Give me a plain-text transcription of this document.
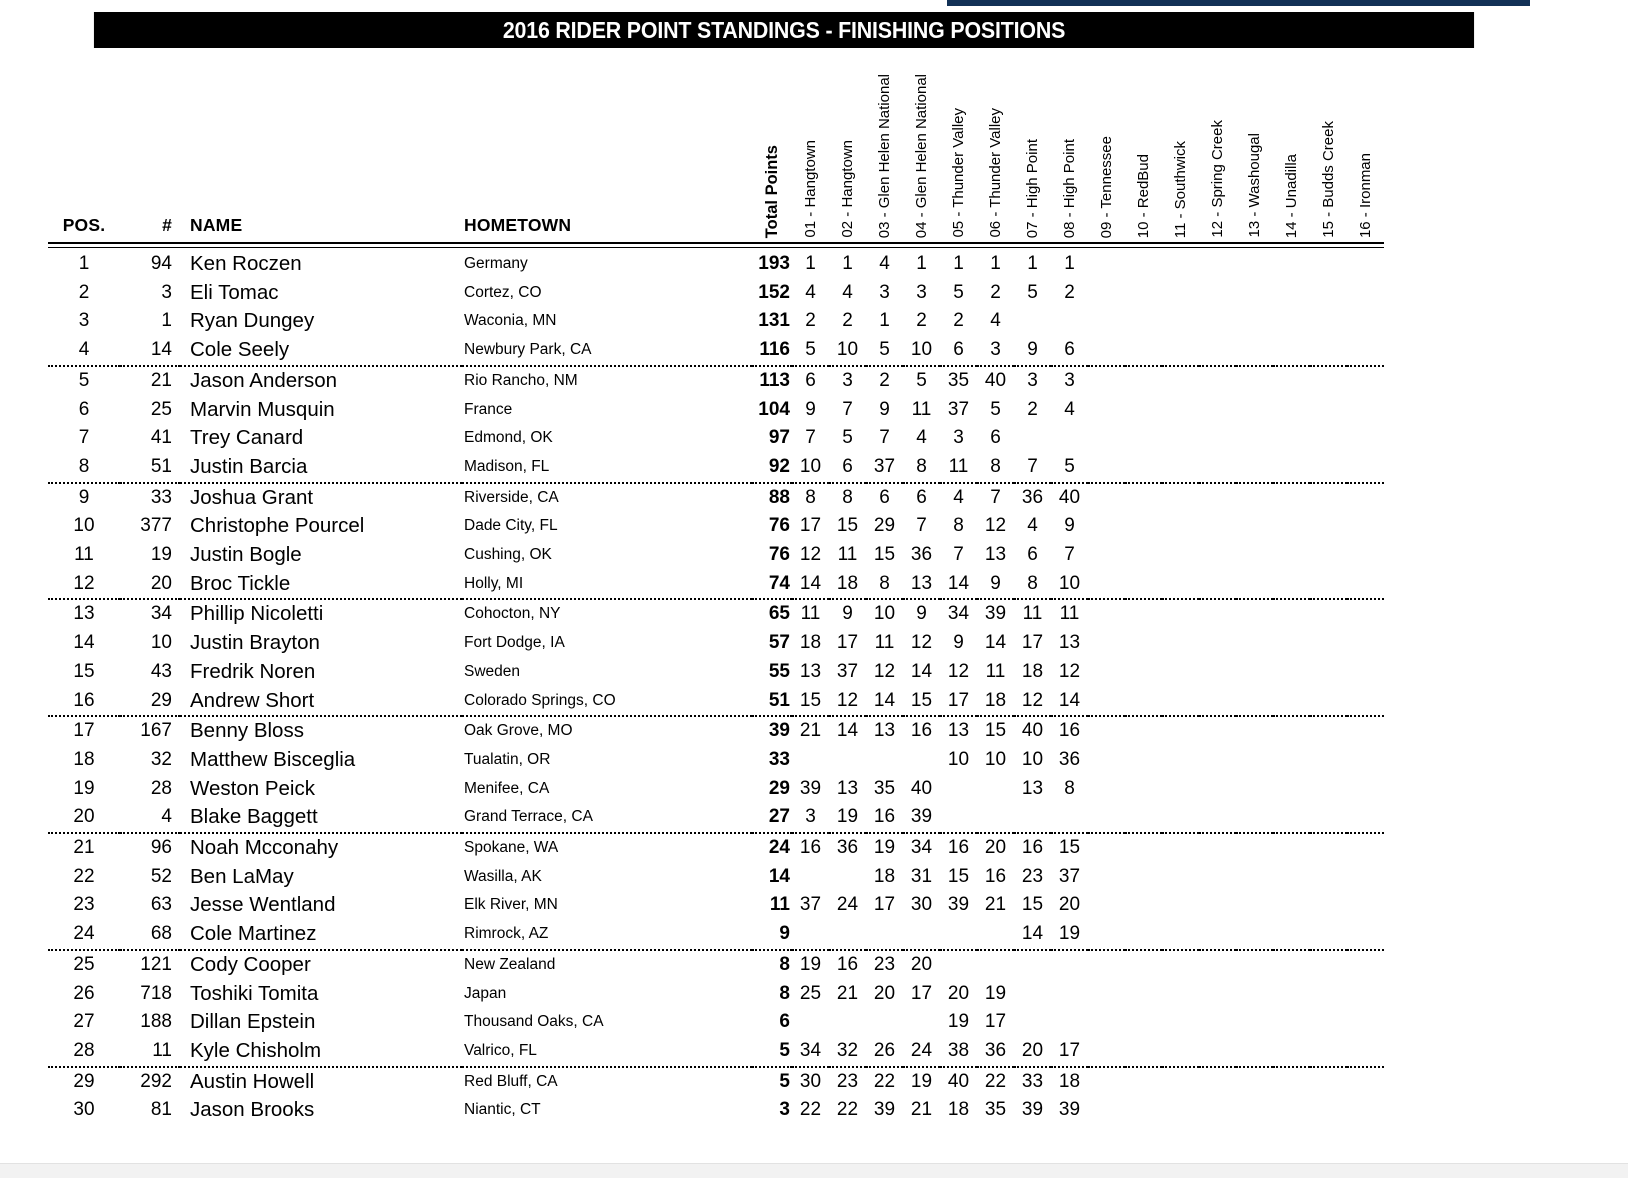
2016 RIDER POINT STANDINGS - FINISHING POSITIONS
POS.	#	NAME	HOMETOWN	Total Points	01 - Hangtown	02 - Hangtown	03 - Glen Helen National	04 - Glen Helen National	05 - Thunder Valley	06 - Thunder Valley	07 - High Point	08 - High Point	09 - Tennessee	10 - RedBud	11 - Southwick	12 - Spring Creek	13 - Washougal	14 - Unadilla	15 - Budds Creek	16 - Ironman

1	94	Ken Roczen	Germany	193	1	1	4	1	1	1	1	1								
2	3	Eli Tomac	Cortez, CO	152	4	4	3	3	5	2	5	2								
3	1	Ryan Dungey	Waconia, MN	131	2	2	1	2	2	4										
4	14	Cole Seely	Newbury Park, CA	116	5	10	5	10	6	3	9	6								
5	21	Jason Anderson	Rio Rancho, NM	113	6	3	2	5	35	40	3	3								
6	25	Marvin Musquin	France	104	9	7	9	11	37	5	2	4								
7	41	Trey Canard	Edmond, OK	97	7	5	7	4	3	6										
8	51	Justin Barcia	Madison, FL	92	10	6	37	8	11	8	7	5								
9	33	Joshua Grant	Riverside, CA	88	8	8	6	6	4	7	36	40								
10	377	Christophe Pourcel	Dade City, FL	76	17	15	29	7	8	12	4	9								
11	19	Justin Bogle	Cushing, OK	76	12	11	15	36	7	13	6	7								
12	20	Broc Tickle	Holly, MI	74	14	18	8	13	14	9	8	10								
13	34	Phillip Nicoletti	Cohocton, NY	65	11	9	10	9	34	39	11	11								
14	10	Justin Brayton	Fort Dodge, IA	57	18	17	11	12	9	14	17	13								
15	43	Fredrik Noren	Sweden	55	13	37	12	14	12	11	18	12								
16	29	Andrew Short	Colorado Springs, CO	51	15	12	14	15	17	18	12	14								
17	167	Benny Bloss	Oak Grove, MO	39	21	14	13	16	13	15	40	16								
18	32	Matthew Bisceglia	Tualatin, OR	33					10	10	10	36								
19	28	Weston Peick	Menifee, CA	29	39	13	35	40			13	8								
20	4	Blake Baggett	Grand Terrace, CA	27	3	19	16	39												
21	96	Noah Mcconahy	Spokane, WA	24	16	36	19	34	16	20	16	15								
22	52	Ben LaMay	Wasilla, AK	14			18	31	15	16	23	37								
23	63	Jesse Wentland	Elk River, MN	11	37	24	17	30	39	21	15	20								
24	68	Cole Martinez	Rimrock, AZ	9							14	19								
25	121	Cody Cooper	New Zealand	8	19	16	23	20												
26	718	Toshiki Tomita	Japan	8	25	21	20	17	20	19										
27	188	Dillan Epstein	Thousand Oaks, CA	6					19	17										
28	11	Kyle Chisholm	Valrico, FL	5	34	32	26	24	38	36	20	17								
29	292	Austin Howell	Red Bluff, CA	5	30	23	22	19	40	22	33	18								
30	81	Jason Brooks	Niantic, CT	3	22	22	39	21	18	35	39	39								
